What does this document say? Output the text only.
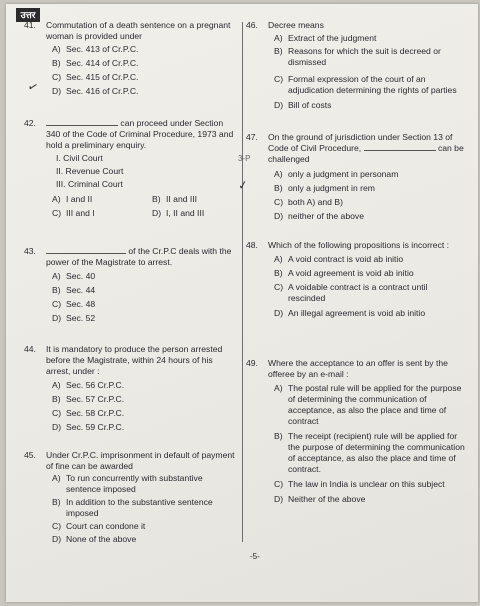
उत्तर
41.	Commutation of a death sentence on a pregnant woman is provided under

A) Sec. 413 of Cr.P.C.
B) Sec. 414 of Cr.P.C.
C) Sec. 415 of Cr.P.C.
D) Sec. 416 of Cr.P.C.
42.	can proceed under Section 340 of the Code of Criminal Procedure, 1973 and hold a preliminary enquiry.

I. Civil Court
II. Revenue Court
III. Criminal Court
A) I and II	B) II and III
C) III and I	D) I, II and III
43.	of the Cr.P.C deals with the power of the Magistrate to arrest.

A) Sec. 40
B) Sec. 44
C) Sec. 48
D) Sec. 52
44.	It is mandatory to produce the person arrested before the Magistrate, within 24 hours of his arrest, under :

A) Sec. 56 Cr.P.C.
B) Sec. 57 Cr.P.C.
C) Sec. 58 Cr.P.C.
D) Sec. 59 Cr.P.C.
45.	Under Cr.P.C. imprisonment in default of payment of fine can be awarded

A) To run concurrently with substantive sentence imposed
B) In addition to the substantive sentence imposed
C) Court can condone it
D) None of the above
46.	Decree means

A) Extract of the judgment
B) Reasons for which the suit is decreed or dismissed
C) Formal expression of the court of an adjudication determining the rights of parties
D) Bill of costs
47.	On the ground of jurisdiction under Section 13 of Code of Civil Procedure,	can be challenged

A) only a judgment in personam
B) only a judgment in rem
C) both A) and B)
D) neither of the above
48.	Which of the following propositions is incorrect :

A) A void contract is void ab initio
B) A void agreement is void ab initio
C) A voidable contract is a contract until rescinded
D) An illegal agreement is void ab initio
49.	Where the acceptance to an offer is sent by the offeree by an e-mail :

A) The postal rule will be applied for the purpose of determining the communication of acceptance, as also the place and time of contract
B) The receipt (recipient) rule will be applied for the purpose of determining the communication of acceptance, as also the place and time of contract.
C) The law in India is unclear on this subject
D) Neither of the above
✓
✓
3-P
-5-
